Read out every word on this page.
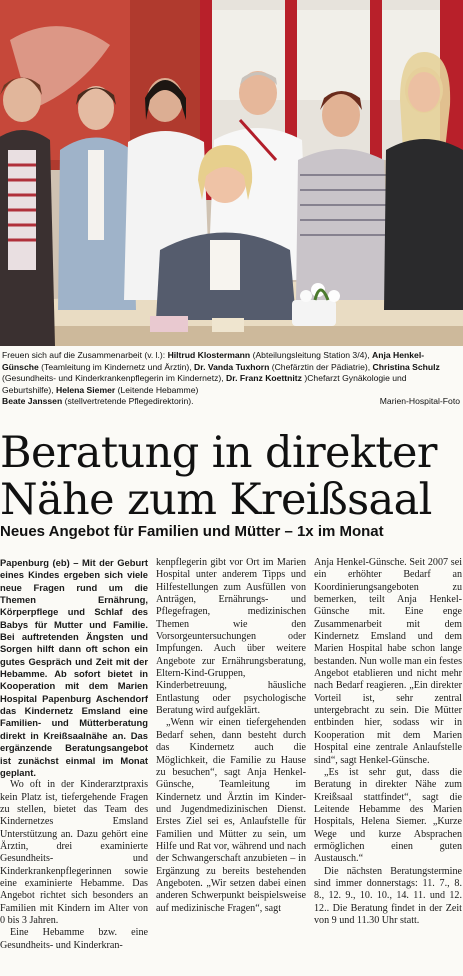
Freuen sich auf die Zusammenarbeit (v. l.): Hiltrud Klostermann (Abteilungsleitung Station 3/4), Anja Henkel-Günsche (Teamleitung im Kindernetz und Ärztin), Dr. Vanda Tuxhorn (Chefärztin der Pädiatrie), Christina Schulz (Gesundheits- und Kinderkrankenpflegerin im Kindernetz), Dr. Franz Koettnitz )Chefarzt Gynäkologie und Geburtshilfe), Helena Siemer (Leitende Hebamme)
Beate Janssen (stellvertretende Pflegedirektorin).	Marien-Hospital-Foto
Beratung in direkter
Nähe zum Kreißsaal
Neues Angebot für Familien und Mütter – 1x im Monat

Papenburg (eb) – Mit der Geburt eines Kindes ergeben sich viele neue Fragen rund um die Themen Ernährung, Körperpflege und Schlaf des Babys für Mutter und Familie. Bei auftretenden Ängsten und Sorgen hilft dann oft schon ein gutes Gespräch und Zeit mit der Hebamme. Ab sofort bietet in Kooperation mit dem Marien Hospital Papenburg Aschendorf das Kindernetz Emsland eine Familien- und Mütterberatung direkt in Kreißsaalnähe an. Das ergänzende Beratungsangebot ist zunächst einmal im Monat geplant.

Wo oft in der Kinderarztpraxis kein Platz ist, tiefergehende Fragen zu stellen, bietet das Team des Kindernetzes Emsland Unterstützung an. Dazu gehört eine Ärztin, drei examinierte Gesundheits- und Kinderkrankenpflegerinnen sowie eine examinierte Hebamme. Das Angebot richtet sich besonders an Familien mit Kindern im Alter von 0 bis 3 Jahren.

Eine Hebamme bzw. eine Gesundheits- und Kinderkran-

kenpflegerin gibt vor Ort im Marien Hospital unter anderem Tipps und Hilfestellungen zum Ausfüllen von Anträgen, Ernährungs- und Pflegefragen, medizinischen Themen wie den Vorsorgeuntersuchungen oder Impfungen. Auch über weitere Angebote zur Ernährungsberatung, Eltern-Kind-Gruppen, Kinderbetreuung, häusliche Entlastung oder psychologische Beratung wird aufgeklärt.

„Wenn wir einen tiefergehenden Bedarf sehen, dann besteht durch das Kindernetz auch die Möglichkeit, die Familie zu Hause zu besuchen“, sagt Anja Henkel-Günsche, Teamleitung im Kindernetz und Ärztin im Kinder- und Jugendmedizinischen Dienst. Erstes Ziel sei es, Anlaufstelle für Familien und Mütter zu sein, um Hilfe und Rat vor, während und nach der Schwangerschaft anzubieten – in Ergänzung zu bereits bestehenden Angeboten. „Wir setzen dabei einen anderen Schwerpunkt beispielsweise auf medizinische Fragen“, sagt

Anja Henkel-Günsche. Seit 2007 sei ein erhöhter Bedarf an Koordinierungsangeboten zu bemerken, teilt Anja Henkel-Günsche mit. Eine enge Zusammenarbeit mit dem Kindernetz Emsland und dem Marien Hospital habe schon lange bestanden. Nun wolle man ein festes Angebot etablieren und nicht mehr nach Bedarf reagieren. „Ein direkter Vorteil ist, sehr zentral untergebracht zu sein. Die Mütter entbinden hier, sodass wir in Kooperation mit dem Marien Hospital eine zentrale Anlaufstelle sind“, sagt Henkel-Günsche.

„Es ist sehr gut, dass die Beratung in direkter Nähe zum Kreißsaal stattfindet“, sagt die Leitende Hebamme des Marien Hospitals, Helena Siemer. „Kurze Wege und kurze Absprachen ermöglichen einen guten Austausch.“

Die nächsten Beratungstermine sind immer donnerstags: 11. 7., 8. 8., 12. 9., 10. 10., 14. 11. und 12. 12.. Die Beratung findet in der Zeit von 9 und 11.30 Uhr statt.
